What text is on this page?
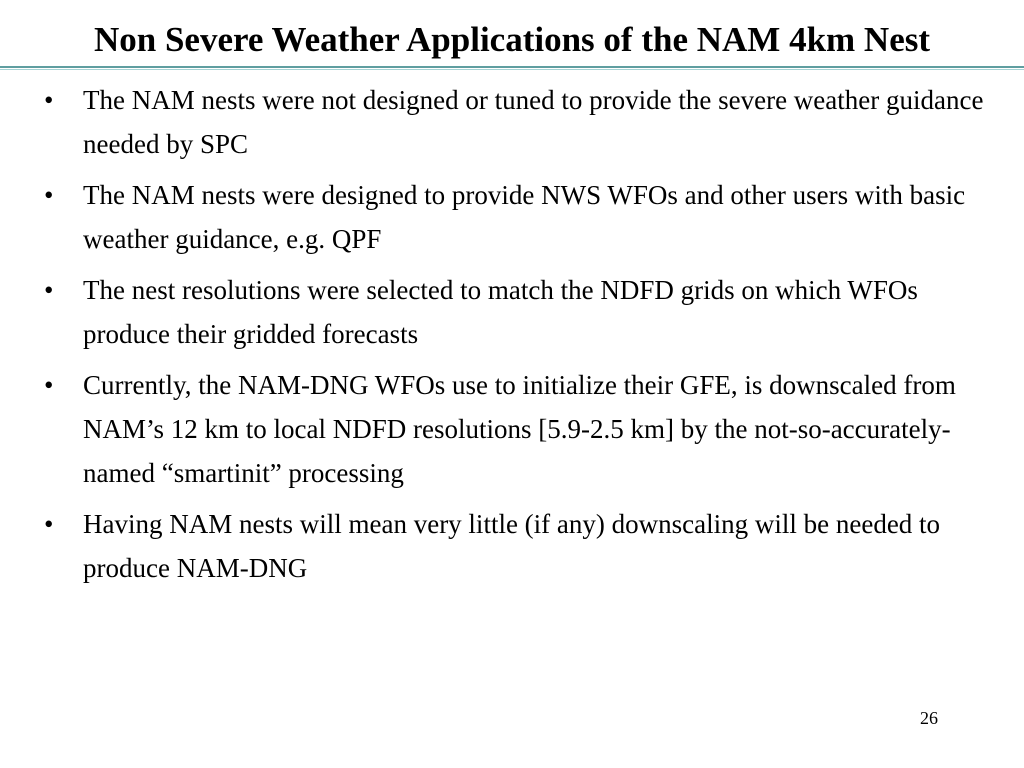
Non Severe Weather Applications of the NAM 4km Nest
• The NAM nests were not designed or tuned to provide the severe weather guidance needed by SPC
• The NAM nests were designed to provide NWS WFOs and other users with basic weather guidance, e.g. QPF
• The nest resolutions were selected to match the NDFD grids on which WFOs produce their gridded forecasts
• Currently, the NAM-DNG WFOs use to initialize their GFE, is downscaled from NAM’s 12 km to local NDFD resolutions [5.9-2.5 km] by the not-so-accurately-named “smartinit” processing
• Having NAM nests will mean very little (if any) downscaling will be needed to produce NAM-DNG
26
